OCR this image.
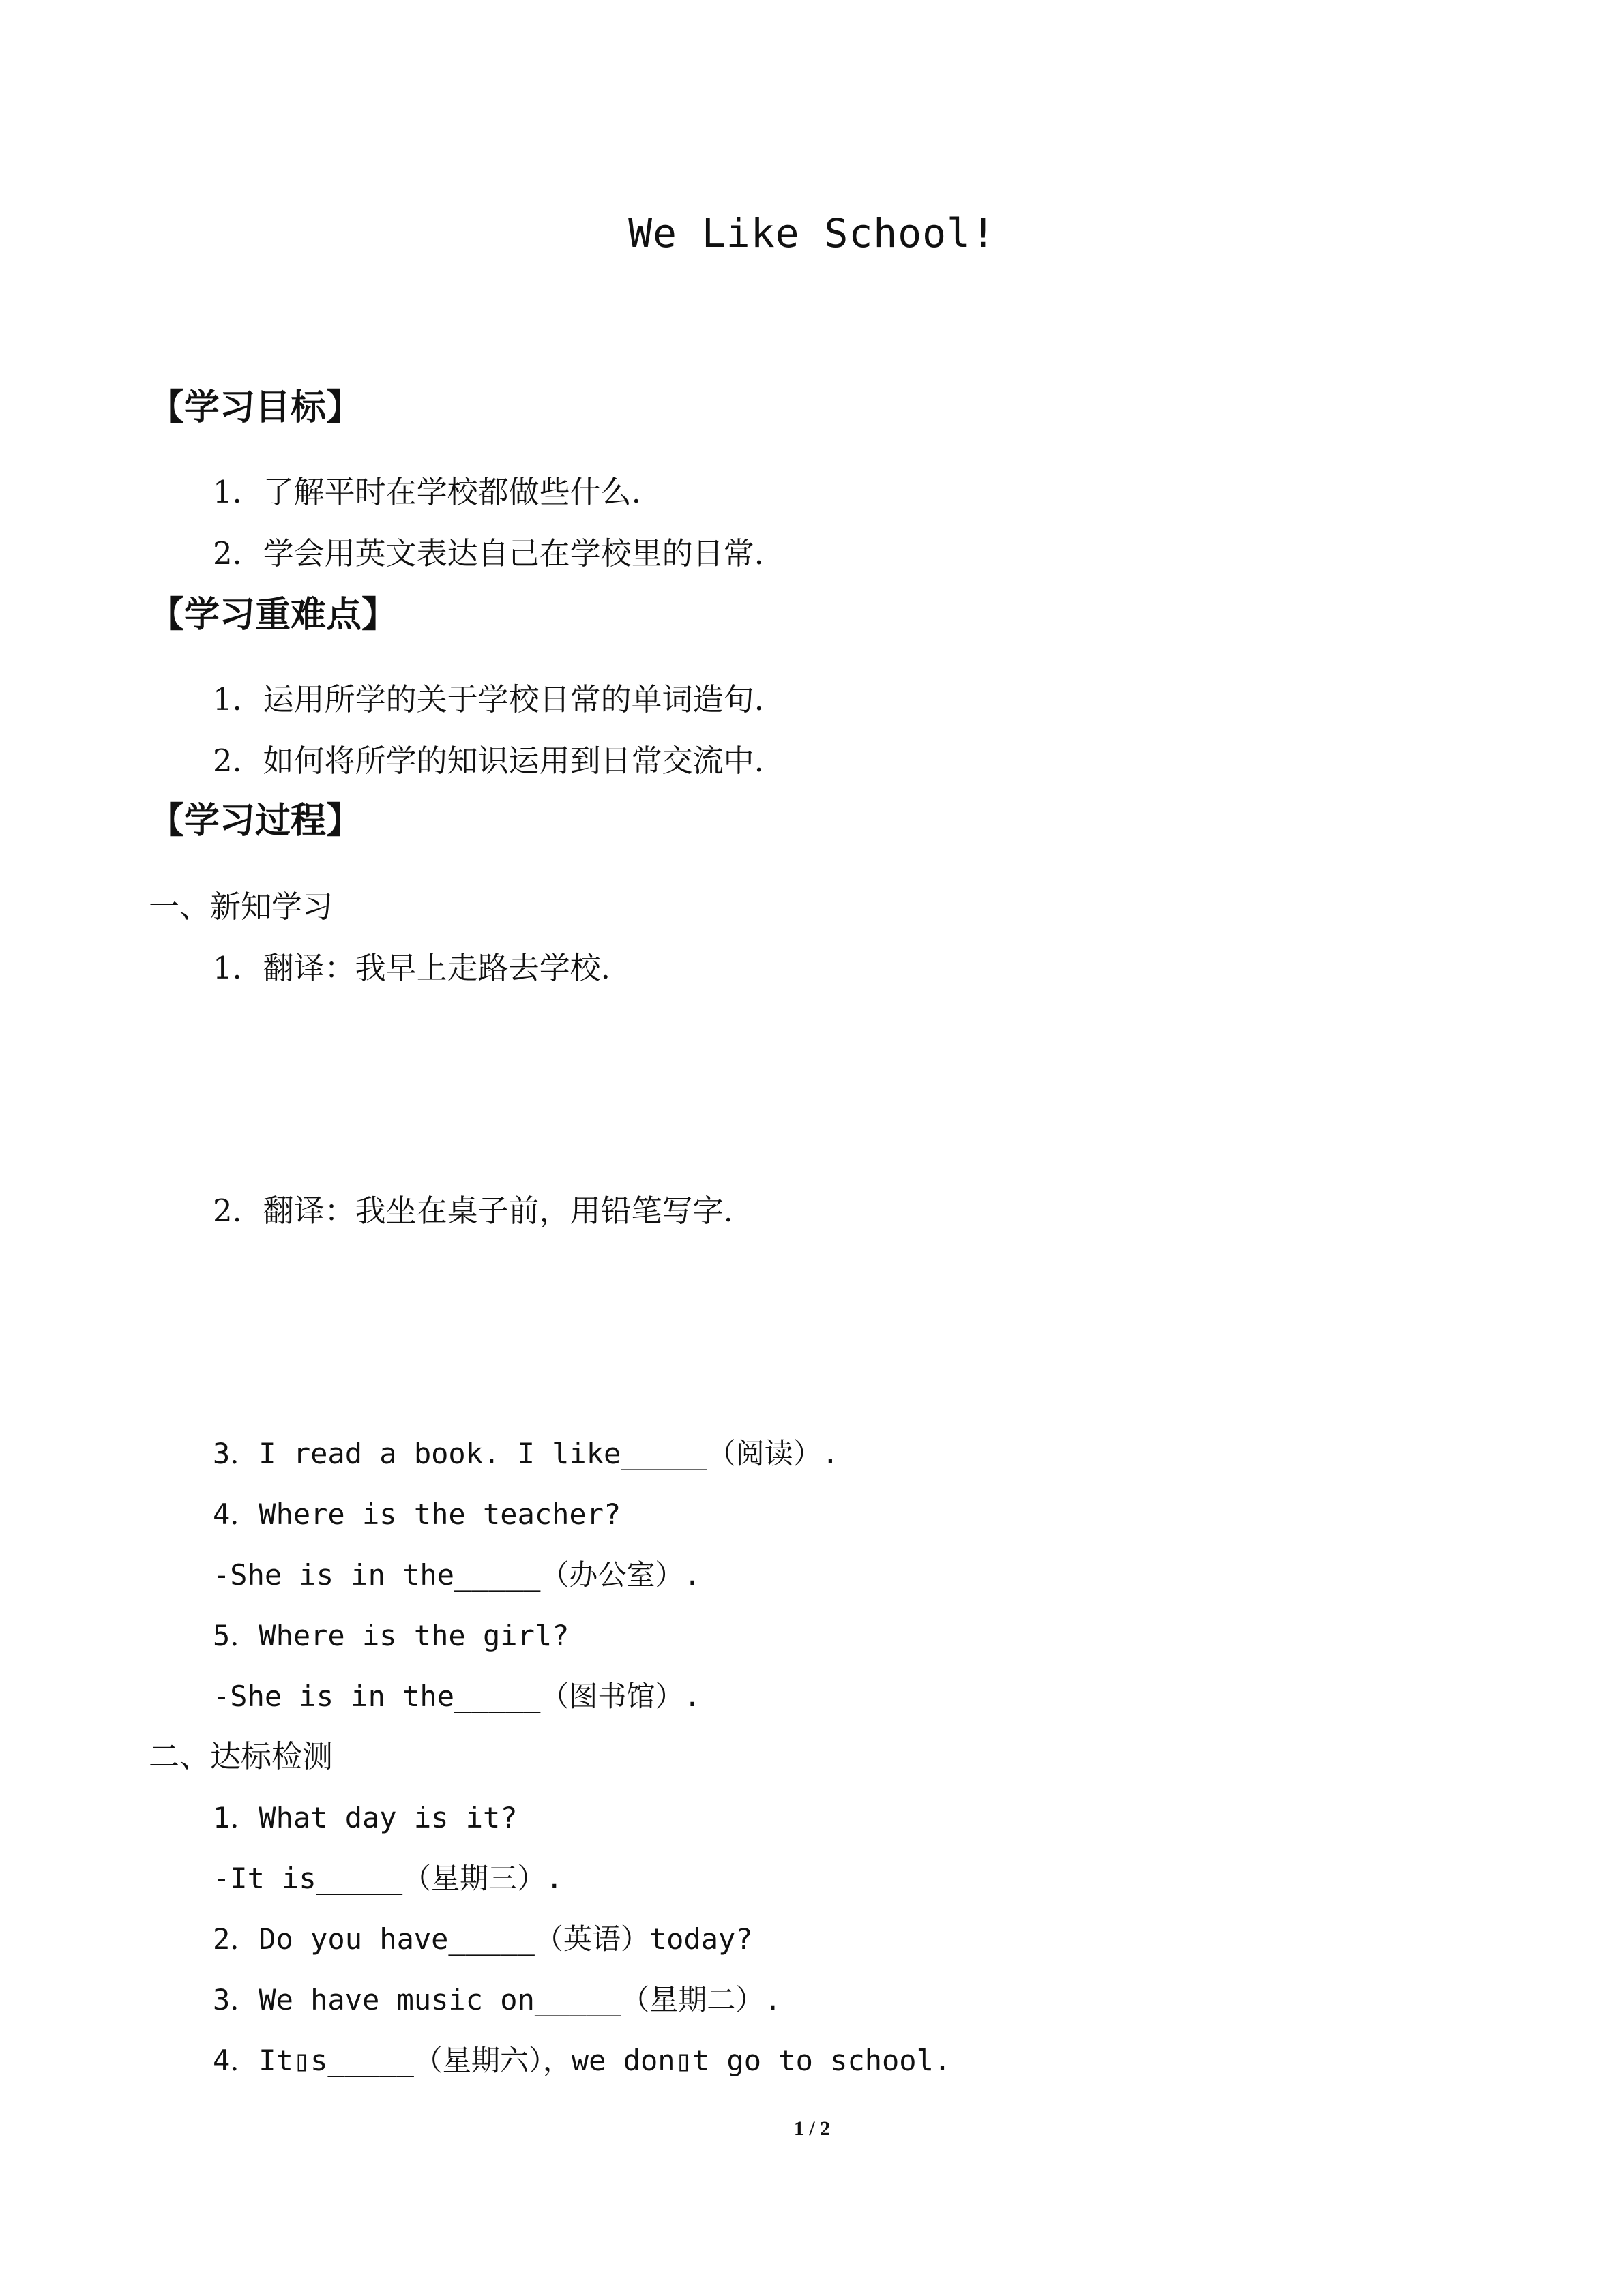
We Like School!
【学习目标】
1．了解平时在学校都做些什么.
2．学会用英文表达自己在学校里的日常.
【学习重难点】
1．运用所学的关于学校日常的单词造句.
2．如何将所学的知识运用到日常交流中.
【学习过程】
一、新知学习
1．翻译：我早上走路去学校.
2．翻译：我坐在桌子前，用铅笔写字.
3．I read a book. I like_____（阅读）.
4．Where is the teacher?
-She is in the_____（办公室）.
5．Where is the girl?
-She is in the_____（图书馆）.
二、达标检测
1．What day is it?
-It is_____（星期三）.
2．Do you have_____（英语）today?
3．We have music on_____（星期二）.
4．It▯s_____（星期六），we don▯t go to school.
1 / 2
